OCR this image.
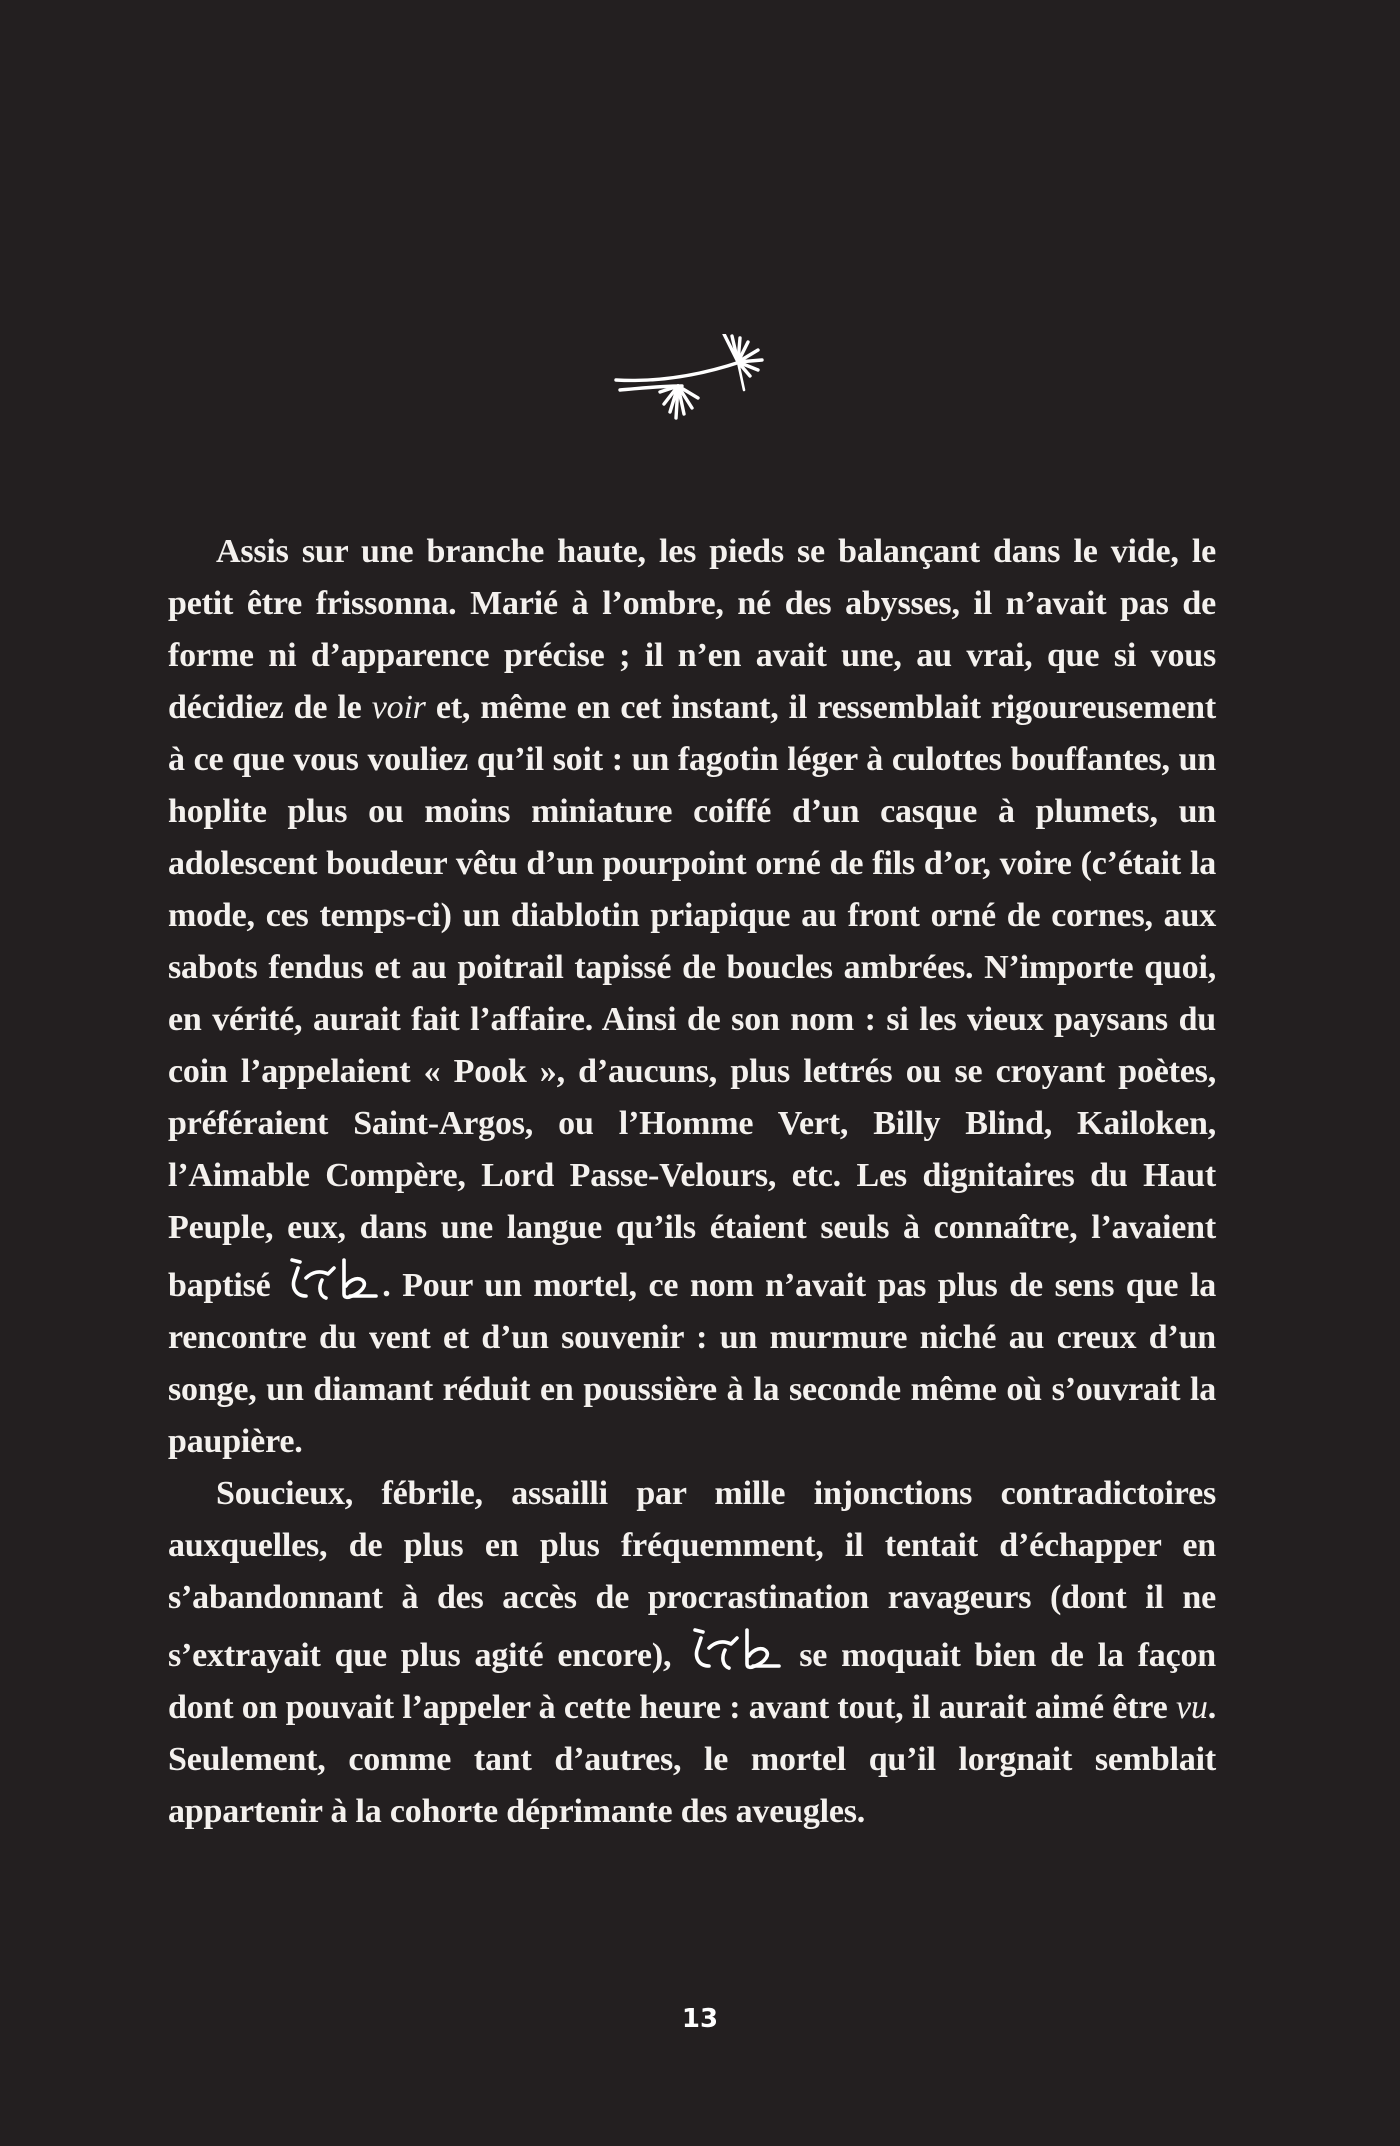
Assis sur une branche haute, les pieds se balançant dans le vide, le petit être frissonna. Marié à l’ombre, né des abysses, il n’avait pas de forme ni d’apparence précise ; il n’en avait une, au vrai, que si vous décidiez de le voir et, même en cet instant, il ressemblait rigoureusement à ce que vous vouliez qu’il soit : un fagotin léger à culottes bouffantes, un hoplite plus ou moins miniature coiffé d’un casque à plumets, un adolescent boudeur vêtu d’un pourpoint orné de fils d’or, voire (c’était la mode, ces temps-ci) un diablotin priapique au front orné de cornes, aux sabots fendus et au poitrail tapissé de boucles ambrées. N’importe quoi, en vérité, aurait fait l’affaire. Ainsi de son nom : si les vieux paysans du coin l’appelaient « Pook », d’aucuns, plus lettrés ou se croyant poètes, préféraient Saint-Argos, ou l’Homme Vert, Billy Blind, Kailoken, l’Aimable Compère, Lord Passe-Velours, etc. Les dignitaires du Haut Peuple, eux, dans une langue qu’ils étaient seuls à connaître, l’avaient baptisé	. Pour un mortel, ce nom n’avait pas plus de sens que la rencontre du vent et d’un souvenir : un murmure niché au creux d’un songe, un diamant réduit en poussière à la seconde même où s’ouvrait la paupière.

Soucieux, fébrile, assailli par mille injonctions contradictoires auxquelles, de plus en plus fréquemment, il tentait d’échapper en s’abandonnant à des accès de procrastination ravageurs (dont il ne s’extrayait que plus agité encore),	se moquait bien de la façon dont on pouvait l’appeler à cette heure : avant tout, il aurait aimé être vu. Seulement, comme tant d’autres, le mortel qu’il lorgnait semblait appartenir à la cohorte déprimante des aveugles.

13
